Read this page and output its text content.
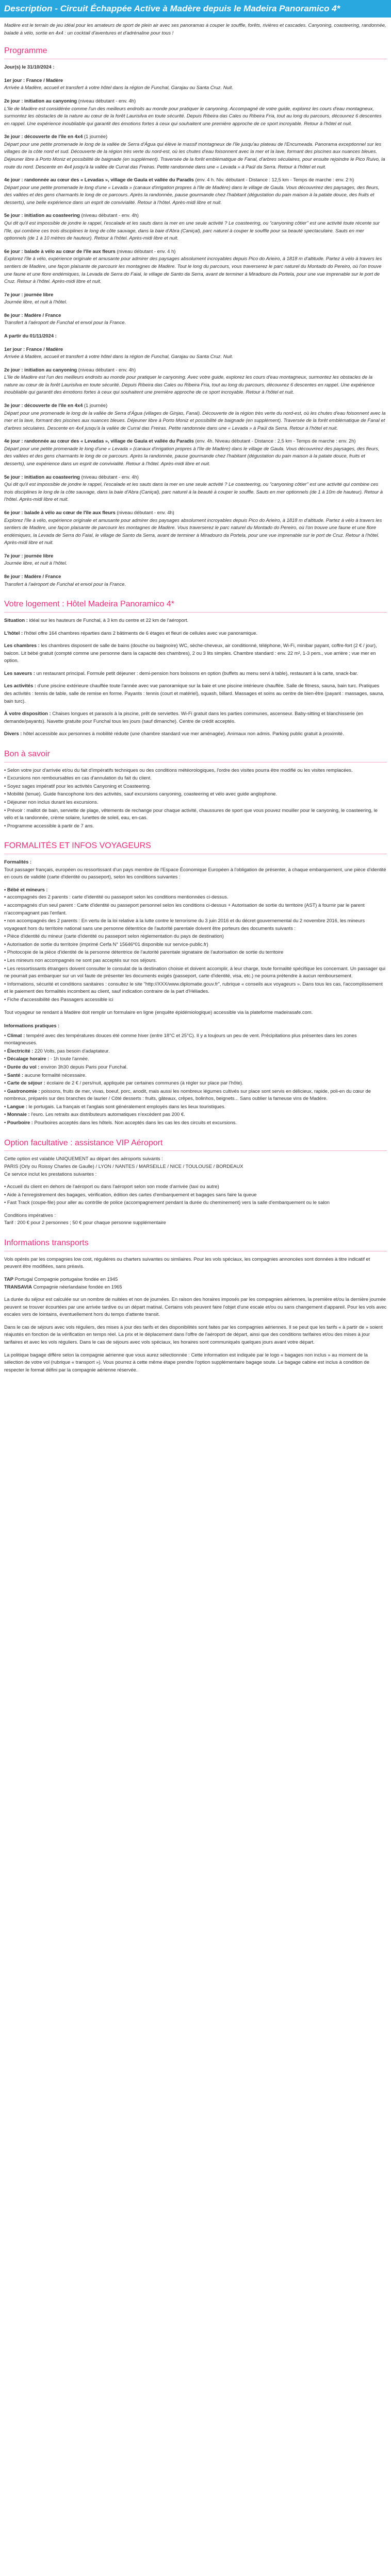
Description - Circuit Échappée Active à Madère depuis le Madeira Panoramico 4*
Madère est le terrain de jeu idéal pour les amateurs de sport de plein air avec ses panoramas à couper le souffle, forêts, rivières et cascades. Canyoning, coasteering, randonnée, balade à vélo, sortie en 4x4 : un cocktail d'aventures et d'adrénaline pour tous !
Programme
Jour(s) le 31/10/2024 :
1er jour : France / Madère
Arrivée à Madère, accueil et transfert à votre hôtel dans la région de Funchal, Garajau ou Santa Cruz. Nuit.
2e jour : initiation au canyoning (niveau débutant - env. 4h)
L'île de Madère est considérée comme l'un des meilleurs endroits au monde pour pratiquer le canyoning. Accompagné de votre guide, explorez les cours d'eau montagneux, surmontez les obstacles de la nature au cœur de la forêt Laurisilva en toute sécurité. Depuis Ribeira das Cales ou Ribeira Fria, tout au long du parcours, découvrez 6 descentes en rappel. Une expérience inoubliable qui garantit des émotions fortes à ceux qui souhaitent une première approche de ce sport incroyable. Retour à l'hôtel et nuit.
3e jour : découverte de l'île en 4x4 (1 journée)
Départ pour une petite promenade le long de la vallée de Serra d'Água qui élève le massif montagneux de l'île jusqu'au plateau de l'Encumeada. Panorama exceptionnel sur les villages de la côte nord et sud. Découverte de la région très verte du nord-est, où les chutes d'eau foisonnent avec la mer et la lave, formant des piscines aux nuances bleues. Déjeuner libre à Porto Moniz et possibilité de baignade (en supplément). Traversée de la forêt emblématique de Fanal, d'arbres séculaires, pour ensuite rejoindre le Pico Ruivo, la route du nord. Descente en 4x4 jusqu'à la vallée de Curral das Freiras. Petite randonnée dans une « Levada » à Paúl da Serra. Retour à l'hôtel et nuit.
4e jour : randonnée au cœur des « Levadas », village de Gaula et vallée du Paradis (env. 4 h. Niv. débutant - Distance : 12,5 km - Temps de marche : env. 2 h)
Départ pour une petite promenade le long d'une « Levada » (canaux d'irrigation propres à l'île de Madère) dans le village de Gaula. Vous découvrirez des paysages, des fleurs, des vallées et des gens charmants le long de ce parcours. Après la randonnée, pause gourmande chez l'habitant (dégustation du pain maison à la patate douce, des fruits et desserts), une belle expérience dans un esprit de convivialité. Retour à l'hôtel. Après-midi libre et nuit.
5e jour : initiation au coasteering (niveau débutant - env. 4h)
Qui dit qu'il est impossible de jondre le rappel, l'escalade et les sauts dans la mer en une seule activité ? Le coasteering, ou "canyoning côtier" est une activité toute récente sur l'île, qui combine ces trois disciplines le long de côte sauvage, dans la baie d'Abra (Caniçal), parc naturel à couper le souffle pour sa beauté spectaculaire. Sauts en mer optionnels (de 1 à 10 mètres de hauteur). Retour à l'hôtel. Après-midi libre et nuit.
6e jour : balade à vélo au cœur de l'île aux fleurs (niveau débutant - env. 4 h)
Explorez l'île à vélo, expérience originale et amusante pour admirer des paysages absolument incroyables depuis Pico do Arieiro, à 1818 m d'altitude. Partez à vélo à travers les sentiers de Madère, une façon plaisante de parcourir les montagnes de Madère. Tout le long du parcours, vous traverserez le parc naturel du Montado do Pereiro, où l'on trouve une faune et une flore endémiques, la Levada de Serra do Faial, le village de Santo da Serra, avant de terminer à Miradouro da Portela, pour une vue imprenable sur le port de Cruz. Retour à l'hôtel. Après-midi libre et nuit.
7e jour : journée libre
Journée libre, et nuit à l'hôtel.
8e jour : Madère / France
Transfert à l'aéroport de Funchal et envol pour la France.
A partir du 01/11/2024 :
1er jour : France / Madère
Arrivée à Madère, accueil et transfert à votre hôtel dans la région de Funchal, Garajau ou Santa Cruz. Nuit.
2e jour : initiation au canyoning (niveau débutant - env. 4h)
L'île de Madère est l'un des meilleurs endroits au monde pour pratiquer le canyoning. Avec votre guide, explorez les cours d'eau montagneux, surmontez les obstacles de la nature au cœur de la forêt Laurisilva en toute sécurité. Depuis Ribeira das Cales ou Ribeira Fria, tout au long du parcours, découvrez 6 descentes en rappel. Une expérience inoubliable qui garantit des émotions fortes à ceux qui souhaitent une première approche de ce sport incroyable. Retour à l'hôtel et nuit.
3e jour : découverte de l'île en 4x4 (1 journée)
Départ pour une promenade le long de la vallée de Serra d'Água (villages de Ginjas, Fanal). Découverte de la région très verte du nord-est, où les chutes d'eau foisonnent avec la mer et la lave, formant des piscines aux nuances bleues. Déjeuner libre à Porto Moniz et possibilité de baignade (en supplément). Traversée de la forêt emblématique de Fanal et d'arbres séculaires. Descente en 4x4 jusqu'à la vallée de Curral das Freiras. Petite randonnée dans une « Levada » à Paúl da Serra. Retour à l'hôtel et nuit.
4e jour : randonnée au cœur des « Levadas », village de Gaula et vallée du Paradis (env. 4h. Niveau débutant - Distance : 2,5 km - Temps de marche : env. 2h)
Départ pour une petite promenade le long d'une « Levada » (canaux d'irrigation propres à l'île de Madère) dans le village de Gaula. Vous découvrirez des paysages, des fleurs, des vallées et des gens charmants le long de ce parcours. Après la randonnée, pause gourmande chez l'habitant (dégustation du pain maison à la patate douce, fruits et desserts), une expérience dans un esprit de convivialité. Retour à l'hôtel. Après-midi libre et nuit.
5e jour : initiation au coasteering (niveau débutant - env. 4h)
Qui dit qu'il est impossible de jondre le rappel, l'escalade et les sauts dans la mer en une seule activité ? Le coasteering, ou "canyoning côtier" est une activité qui combine ces trois disciplines le long de la côte sauvage, dans la baie d'Abra (Caniçal), parc naturel à la beauté à couper le souffle. Sauts en mer optionnels (de 1 à 10m de hauteur). Retour à l'hôtel. Après-midi libre et nuit.
6e jour : balade à vélo au cœur de l'île aux fleurs (niveau débutant - env. 4h)
Explorez l'île à vélo, expérience originale et amusante pour admirer des paysages absolument incroyables depuis Pico do Arieiro, à 1818 m d'altitude. Partez à vélo à travers les sentiers de Madère, une façon plaisante de parcourir les montagnes de Madère. Vous traverserez le parc naturel du Montado do Pereiro, où l'on trouve une faune et une flore endémiques, la Levada de Serra do Faial, le village de Santo da Serra, avant de terminer à Miradouro da Portela, pour une vue imprenable sur le port de Cruz. Retour à l'hôtel. Après-midi libre et nuit.
7e jour : journée libre
Journée libre, et nuit à l'hôtel.
8e jour : Madère / France
Transfert à l'aéroport de Funchal et envol pour la France.
Votre logement : Hôtel Madeira Panoramico 4*
Situation : idéal sur les hauteurs de Funchal, à 3 km du centre et 22 km de l'aéroport.
L'hôtel : l'hôtel offre 164 chambres réparties dans 2 bâtiments de 6 étages et fleuri de cellules avec vue panoramique.
Les chambres : les chambres disposent de salle de bains (douche ou baignoire) WC, sèche-cheveux, air conditionné, téléphone, Wi-Fi, minibar payant, coffre-fort (2 € / jour), balcon. Lit bébé gratuit (compté comme une personne dans la capacité des chambres), 2 ou 3 lits simples. Chambre standard : env. 22 m², 1-3 pers., vue arrière ; vue mer en option.
Les saveurs : un restaurant principal. Formule petit déjeuner : demi-pension hors boissons en option (buffets au menu servi à table), restaurant à la carte, snack-bar.
Les activités : d'une piscine extérieure chauffée toute l'année avec vue panoramique sur la baie et une piscine intérieure chauffée. Salle de fitness, sauna, bain turc. Pratiques des activités : tennis de table, salle de remise en forme. Payants : tennis (court et matériel), squash, billard. Massages et soins au centre de bien-être (payant : massages, sauna, bain turc).
À votre disposition : Chaises longues et parasols à la piscine, prêt de serviettes. Wi-Fi gratuit dans les parties communes, ascenseur. Baby-sitting et blanchisserie (en demande/payants). Navette gratuite pour Funchal tous les jours (sauf dimanche). Centre de crédit acceptés.
Divers : hôtel accessible aux personnes à mobilité réduite (une chambre standard vue mer aménagée). Animaux non admis. Parking public gratuit à proximité.
Bon à savoir
• Selon votre jour d'arrivée et/ou du fait d'impératifs techniques ou des conditions météorologiques, l'ordre des visites pourra être modifié ou les visites remplacées.
• Excursions non remboursables en cas d'annulation du fait du client.
• Soyez sages impératif pour les activités Canyoning et Coasteering.
• Mobilité (tenue). Guide francophone lors des activités, sauf excursions canyoning, coasteering et vélo avec guide anglophone.
• Déjeuner non inclus durant les excursions.
• Prévoir : maillot de bain, serviette de plage, vêtements de rechange pour chaque activité, chaussures de sport que vous pouvez mouiller pour le canyoning, le coasteering, le vélo et la randonnée, crème solaire, lunettes de soleil, eau, en-cas.
• Programme accessible à partir de 7 ans.
FORMALITÉS ET INFOS VOYAGEURS
Formalités :
Tout passager français, européen ou ressortissant d'un pays membre de l'Espace Économique Européen à l'obligation de présenter, à chaque embarquement, une pièce d'identité en cours de validité (carte d'identité ou passeport), selon les conditions suivantes :
• Bébé et mineurs :
• accompagnés des 2 parents : carte d'identité ou passeport selon les conditions mentionnées ci-dessus.
• accompagnés d'un seul parent : Carte d'identité ou passeport personnel selon les conditions ci-dessus + Autorisation de sortie du territoire (AST) à fournir par le parent n'accompagnant pas l'enfant.
• non accompagnés des 2 parents : En vertu de la loi relative à la lutte contre le terrorisme du 3 juin 2016 et du décret gouvernemental du 2 novembre 2016, les mineurs voyageant hors du territoire national sans une personne détentrice de l'autorité parentale doivent être porteurs des documents suivants :
• Pièce d'identité du mineur (carte d'identité ou passeport selon réglementation du pays de destination)
• Autorisation de sortie du territoire (imprimé Cerfa N° 15646*01 disponible sur service-public.fr)
• Photocopie de la pièce d'identité de la personne détentrice de l'autorité parentale signataire de l'autorisation de sortie du territoire
• Les mineurs non accompagnés ne sont pas acceptés sur nos séjours.
• Les ressortissants étrangers doivent consulter le consulat de la destination choisie et doivent accomplir, à leur charge, toute formalité spécifique les concernant. Un passager qui ne pourrait pas embarquer sur un vol faute de présenter les documents exigés (passeport, carte d'identité, visa, etc.) ne pourra prétendre à aucun remboursement.
• Informations, sécurité et conditions sanitaires : consultez le site "http://XXX/www.diplomatie.gouv.fr", rubrique « conseils aux voyageurs ». Dans tous les cas, l'accomplissement et le paiement des formalités incombent au client, sauf indication contraire de la part d'Héliades.
• Fiche d'accessibilité des Passagers accessible ici
Tout voyageur se rendant à Madère doit remplir un formulaire en ligne (enquête épidémiologique) accessible via la plateforme madeirasafe.com.
Informations pratiques :
• Climat : tempéré avec des températures douces été comme hiver (entre 18°C et 25°C). Il y a toujours un peu de vent. Précipitations plus présentes dans les zones montagneuses.
• Électricité : 220 Volts, pas besoin d'adaptateur.
• Décalage horaire : - 1h toute l'année.
• Durée du vol : environ 3h30 depuis Paris pour Funchal.
• Santé : aucune formalité nécessaire.
• Carte de séjour : écolaire de 2 € / pers/nuit, appliquée par certaines communes (à régler sur place par l'hôte).
• Gastronomie : poissons, fruits de mer, vivas, boeuf, porc, anodit, mais aussi les nombreux légumes cultivés sur place sont servis en délicieux, rapide, poli-en du cœur de nombreux, préparés sur des branches de laurier / Côté desserts : fruits, gâteaux, crêpes, bolinhos, beignets... Sans oublier la fameuse vins de Madère.
• Langue : le portugais. La français et l'anglais sont généralement employés dans les lieux touristiques.
• Monnaie : l'euro. Les retraits aux distributeurs automatiques n'excèdent pas 200 €.
• Pourboire : Pourboires acceptés dans les hôtels. Non acceptés dans les cas les des circuits et excursions.
Option facultative : assistance VIP Aéroport
Cette option est valable UNIQUEMENT au départ des aéroports suivants :
PARIS (Orly ou Roissy Charles de Gaulle) / LYON / NANTES / MARSEILLE / NICE / TOULOUSE / BORDEAUX
Ce service inclut les prestations suivantes :
• Accueil du client en dehors de l'aéroport ou dans l'aéroport selon son mode d'arrivée (taxi ou autre)
• Aide à l'enregistrement des bagages, vérification, édition des cartes d'embarquement et bagages sans faire la queue
• Fast Track (coupe-file) pour aller au contrôle de police (accompagnement pendant la durée du cheminement) vers la salle d'embarquement ou le salon
Conditions impératives :
Tarif : 200 € pour 2 personnes ; 50 € pour chaque personne supplémentaire
Informations transports
Vols opérés par les compagnies low cost, régulières ou charters suivantes ou similaires. Pour les vols spéciaux, les compagnies annoncées sont données à titre indicatif et peuvent être modifiées, sans préavis.
TAP Portugal Compagnie portugaise fondée en 1945
TRANSAVIA Compagnie néerlandaise fondée en 1965
La durée du séjour est calculée sur un nombre de nuitées et non de journées. En raison des horaires imposés par les compagnies aériennes, la première et/ou la dernière journée peuvent se trouver écourtées par une arrivée tardive ou un départ matinal. Certains vols peuvent faire l'objet d'une escale et/ou ou sans changement d'appareil. Pour les vols avec escales vers de lointains, éventuellement hors du temps d'attente transit.
Dans le cas de séjours avec vols réguliers, des mises à jour des tarifs et des disponibilités sont faites par les compagnies aériennes. Il se peut que les tarifs « à partir de » soient réajustés en fonction de la vérification en temps réel. La prix et le déplacement dans l'offre de l'aéroport de départ, ainsi que des conditions tarifaires et/ou des mises à jour tarifaires et avec les vols réguliers. Dans le cas de séjours avec vols spéciaux, les horaires sont communiqués quelques jours avant votre départ.
La politique bagage diffère selon la compagnie aérienne que vous aurez sélectionnée : Cette information est indiquée par le logo « bagages non inclus » au moment de la sélection de votre vol (rubrique « transport »). Vous pourrez à cette même étape prendre l'option supplémentaire bagage soute. Le bagage cabine est inclus à condition de respecter le format défini par la compagnie aérienne réservée.
